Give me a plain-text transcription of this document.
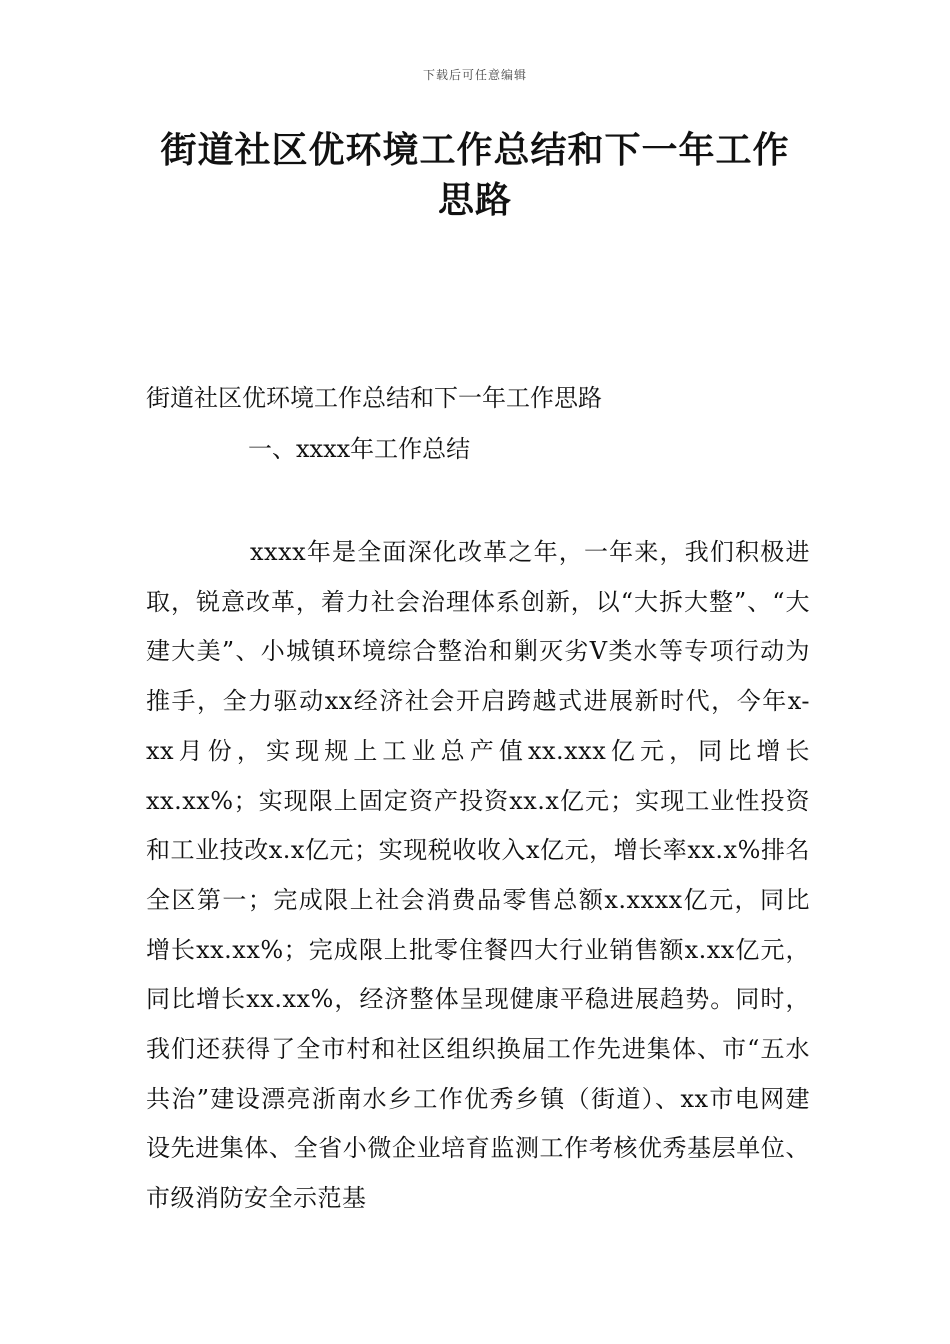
下载后可任意编辑
街道社区优环境工作总结和下一年工作思路

街道社区优环境工作总结和下一年工作思路

一、xxxx年工作总结

xxxx年是全面深化改革之年，一年来，我们积极进取，锐意改革，着力社会治理体系创新，以“大拆大整”、“大建大美”、小城镇环境综合整治和剿灭劣Ⅴ类水等专项行动为推手，全力驱动xx经济社会开启跨越式进展新时代，今年x-xx月份，实现规上工业总产值xx.xxx亿元，同比增长xx.xx%；实现限上固定资产投资xx.x亿元；实现工业性投资和工业技改x.x亿元；实现税收收入x亿元，增长率xx.x%排名全区第一；完成限上社会消费品零售总额x.xxxx亿元，同比增长xx.xx%；完成限上批零住餐四大行业销售额x.xx亿元，同比增长xx.xx%，经济整体呈现健康平稳进展趋势。同时，我们还获得了全市村和社区组织换届工作先进集体、市“五水共治”建设漂亮浙南水乡工作优秀乡镇（街道）、xx市电网建设先进集体、全省小微企业培育监测工作考核优秀基层单位、市级消防安全示范基
